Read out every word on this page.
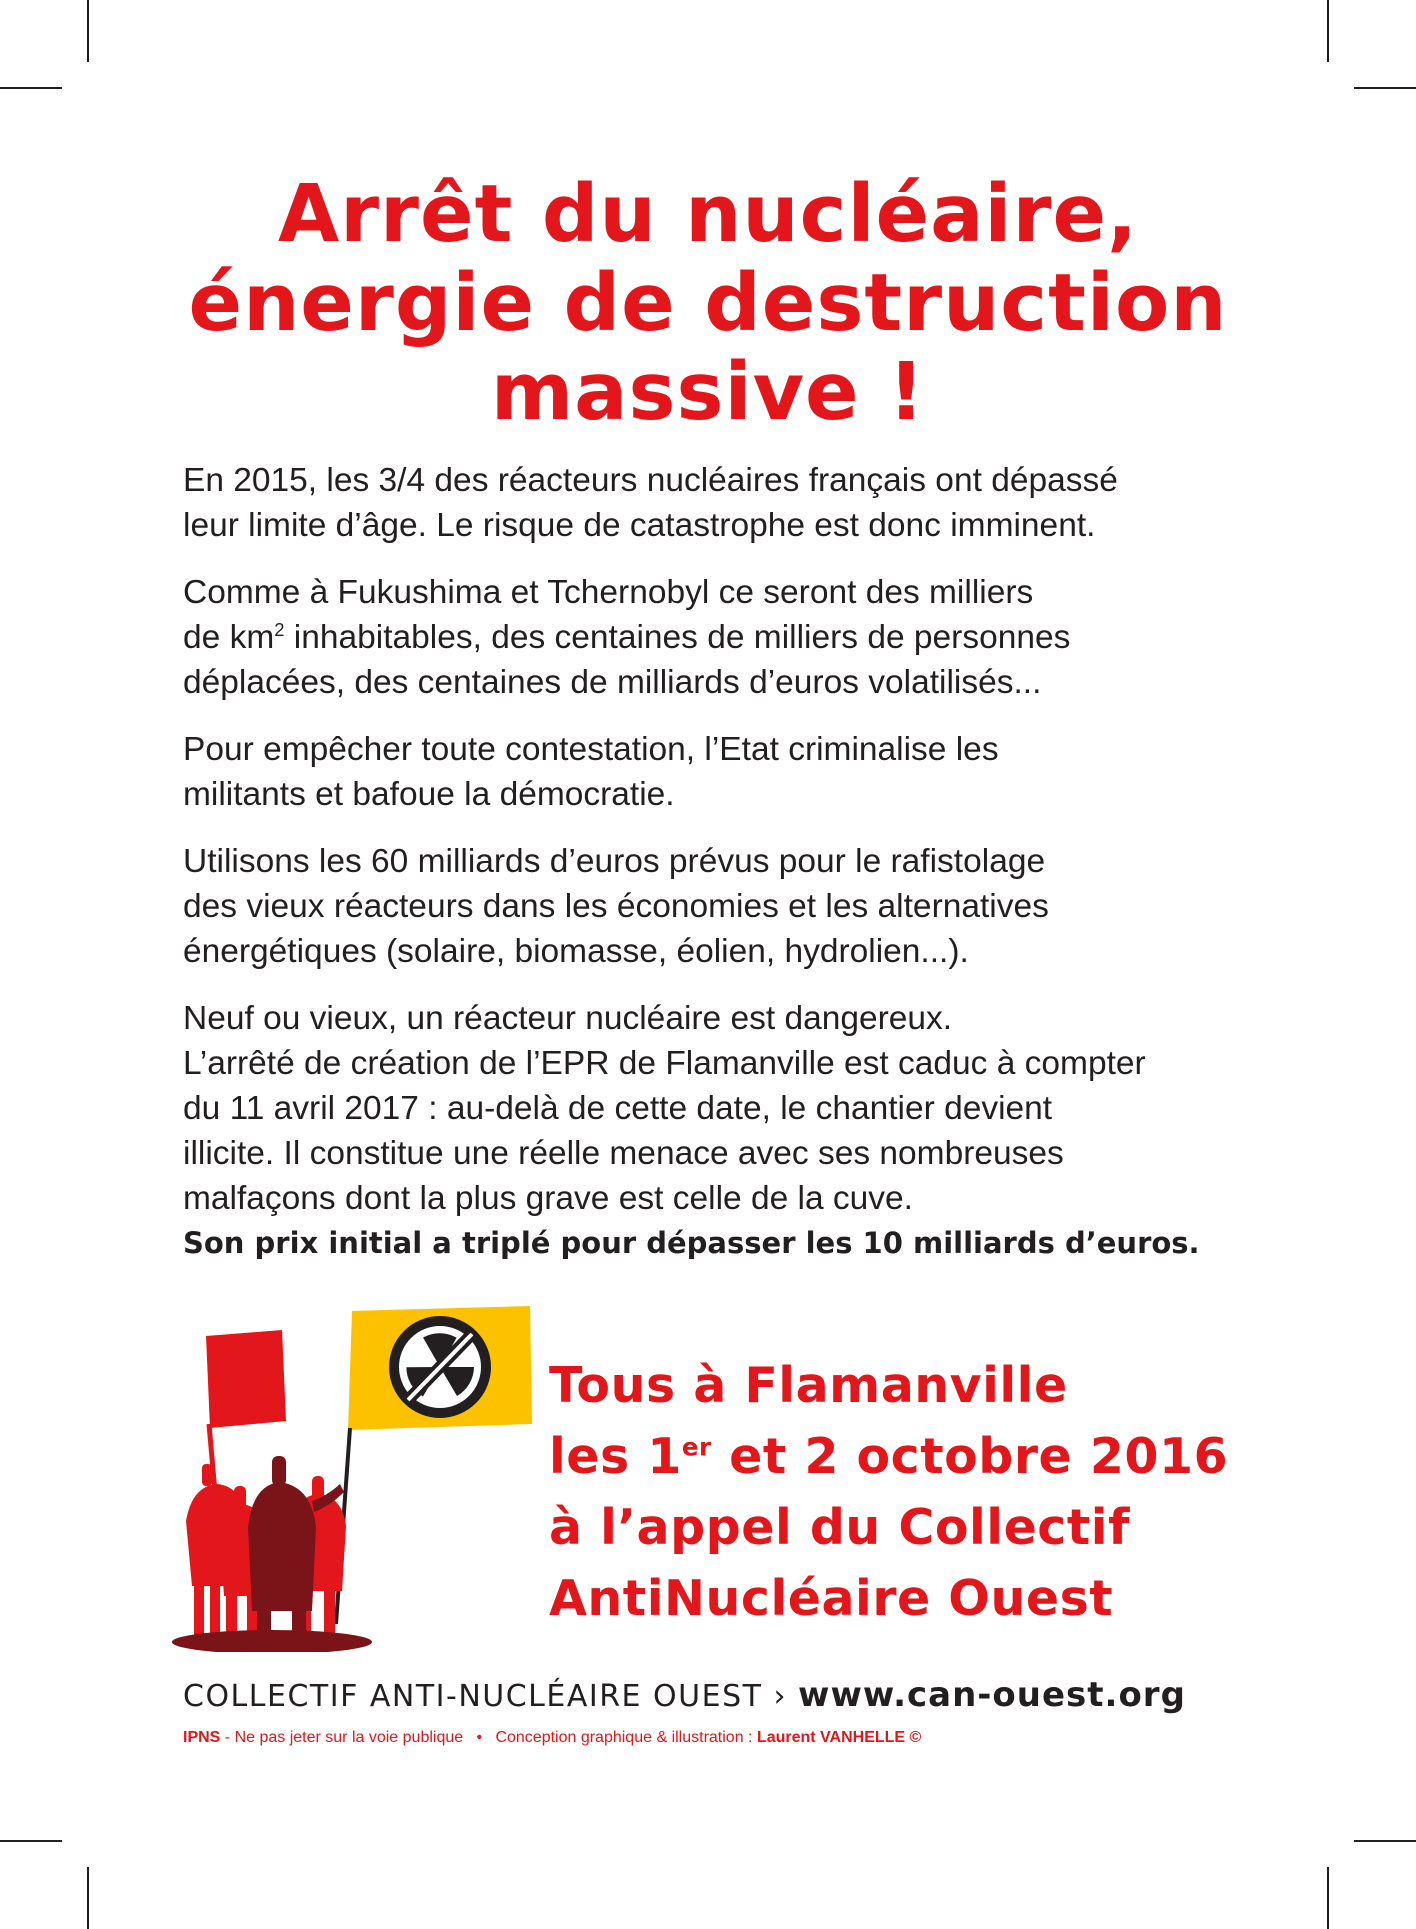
Arrêt du nucléaire,
énergie de destruction
massive !

En 2015, les 3/4 des réacteurs nucléaires français ont dépassé
leur limite d’âge. Le risque de catastrophe est donc imminent.

Comme à Fukushima et Tchernobyl ce seront des milliers
de $km^2$ inhabitables, des centaines de milliers de personnes
déplacées, des centaines de milliards d’euros volatilisés...

Pour empêcher toute contestation, l’Etat criminalise les
militants et bafoue la démocratie.

Utilisons les 60 milliards d’euros prévus pour le rafistolage
des vieux réacteurs dans les économies et les alternatives
énergétiques (solaire, biomasse, éolien, hydrolien...).

Neuf ou vieux, un réacteur nucléaire est dangereux.
L’arrêté de création de l’EPR de Flamanville est caduc à compter
du 11 avril 2017 : au-delà de cette date, le chantier devient
illicite. Il constitue une réelle menace avec ses nombreuses
malfaçons dont la plus grave est celle de la cuve.
Son prix initial a triplé pour dépasser les 10 milliards d’euros.

Tous à Flamanville
les 1er et 2 octobre 2016
à l’appel du Collectif
AntiNucléaire Ouest
COLLECTIF ANTI-NUCLÉAIRE OUEST › www.can-ouest.org
IPNS - Ne pas jeter sur la voie publique • Conception graphique & illustration : Laurent VANHELLE ©
